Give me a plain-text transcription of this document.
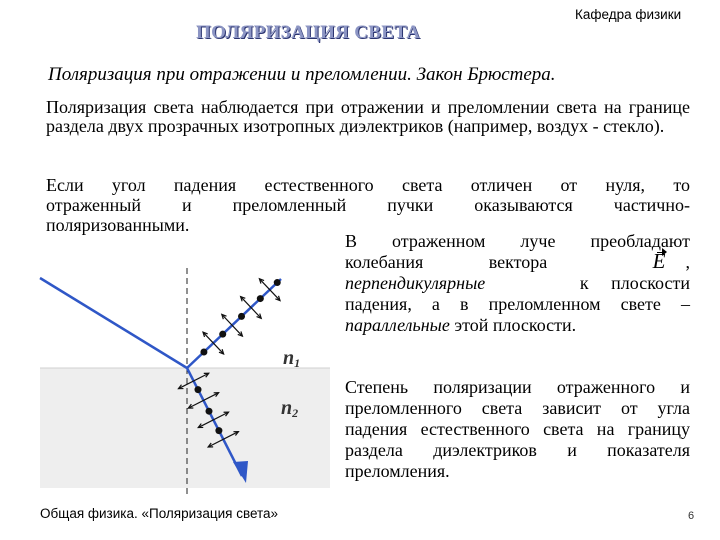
ПОЛЯРИЗАЦИЯ СВЕТА
Кафедра физики
Поляризация при отражении и преломлении. Закон Брюстера.
Поляризация света наблюдается при отражении и преломлении света на границе раздела двух прозрачных изотропных диэлектриков (например, воздух - стекло).
Если угол падения естественного света отличен от нуля, то
отраженный и преломленный пучки оказываются частично-
поляризованными.
В отраженном луче преобладают
колебания	вектора	E ,
перпендикулярные	к плоскости
падения, а в преломленном свете –
параллельные этой плоскости.
Степень поляризации отраженного и преломленного света зависит от угла падения естественного света на границу раздела диэлектриков и показателя преломления.
n1
n2
Общая физика. «Поляризация света»	6
